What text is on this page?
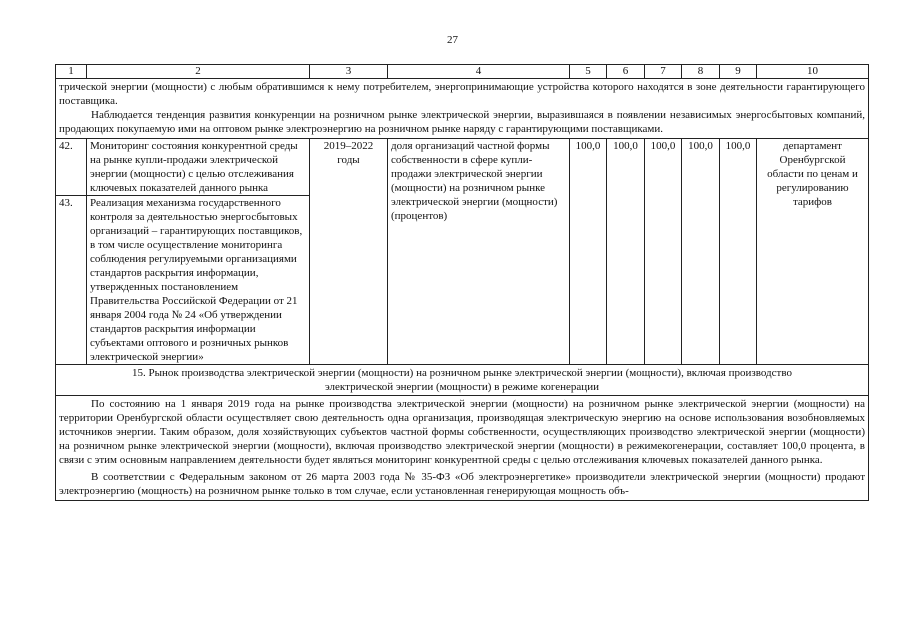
27
1	2	3	4	5	6	7	8	9	10

трической энергии (мощности) с любым обратившимся к нему потребителем, энергопринимающие устройства которого находятся в зоне деятельности гарантирующего поставщика.

Наблюдается тенденция развития конкуренции на розничном рынке электрической энергии, выразившаяся в появлении независимых энергосбытовых компаний, продающих покупаемую ими на оптовом рынке электроэнергию на розничном рынке наряду с гарантирующими поставщиками.									

42.	Мониторинг состояния конкурентной среды на рынке купли-продажи электрической энергии (мощности) с целью отслеживания ключевых показателей данного рынка	2019–2022 годы	доля организаций частной формы собственности в сфере купли-продажи электрической энергии (мощности) на розничном рынке электрической энергии (мощности) (процентов)	100,0	100,0	100,0	100,0	100,0	департамент Оренбургской области по ценам и регулированию тарифов
43.	Реализация механизма государственного контроля за деятельностью энергосбытовых организаций – гарантирующих поставщиков, в том числе осуществление мониторинга соблюдения регулируемыми организациями стандартов раскрытия информации, утвержденных постановлением Правительства Российской Федерации от 21 января 2004 года № 24 «Об утверждении стандартов раскрытия информации субъектами оптового и розничных рынков электрической энергии»								
15. Рынок производства электрической энергии (мощности) на розничном рынке электрической энергии (мощности), включая производство электрической энергии (мощности) в режиме когенерации									

По состоянию на 1 января 2019 года на рынке производства электрической энергии (мощности) на розничном рынке электрической энергии (мощности) на территории Оренбургской области осуществляет свою деятельность одна организация, производящая электрическую энергию на основе использования возобновляемых источников энергии. Таким образом, доля хозяйствующих субъектов частной формы собственности, осуществляющих производство электрической энергии (мощности) на розничном рынке электрической энергии (мощности), включая производство электрической энергии (мощности) в режимекогенерации, составляет 100,0 процента, в связи с этим основным направлением деятельности будет являться мониторинг конкурентной среды с целью отслеживания ключевых показателей данного рынка.

В соответствии с Федеральным законом от 26 марта 2003 года № 35-ФЗ «Об электроэнергетике» производители электрической энергии (мощности) продают электроэнергию (мощность) на розничном рынке только в том случае, если установленная генерирующая мощность объ-									
